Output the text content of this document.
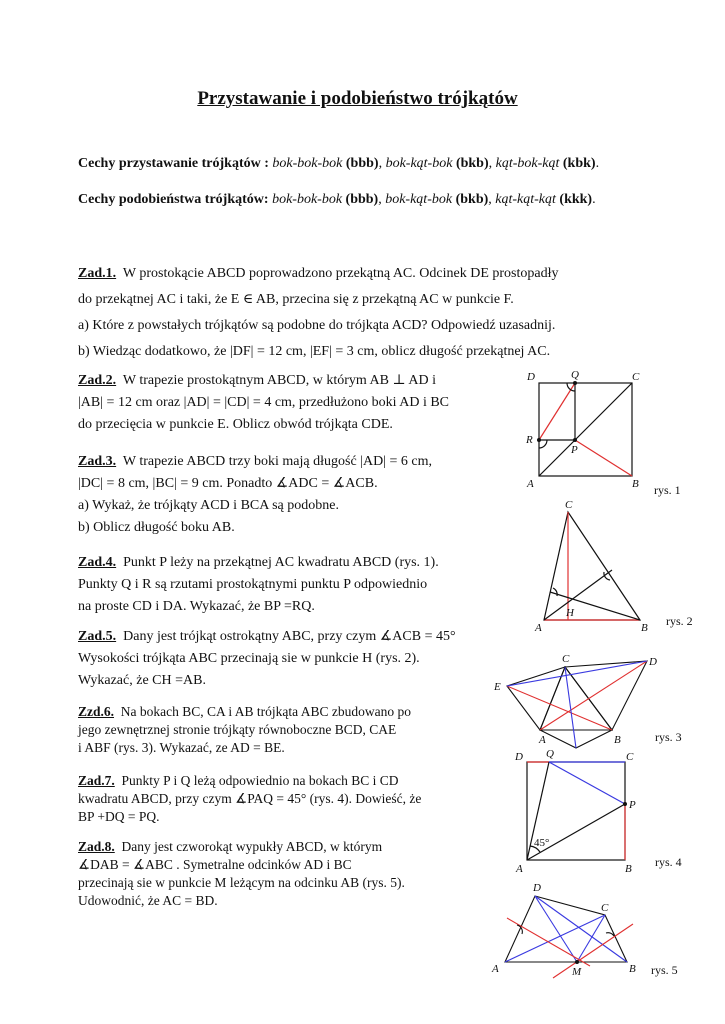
Przystawanie i podobieństwo trójkątów
Cechy przystawanie trójkątów : bok-bok-bok (bbb), bok-kąt-bok (bkb), kąt-bok-kąt (kbk).
Cechy podobieństwa trójkątów: bok-bok-bok (bbb), bok-kąt-bok (bkb), kąt-kąt-kąt (kkk).
Zad.1. W prostokącie ABCD poprowadzono przekątną AC. Odcinek DE prostopadły
do przekątnej AC i taki, że E ∈ AB, przecina się z przekątną AC w punkcie F.
a) Które z powstałych trójkątów są podobne do trójkąta ACD? Odpowiedź uzasadnij.
b) Wiedząc dodatkowo, że |DF| = 12 cm, |EF| = 3 cm, oblicz długość przekątnej AC.
Zad.2. W trapezie prostokątnym ABCD, w którym AB ⊥ AD i
|AB| = 12 cm oraz |AD| = |CD| = 4 cm, przedłużono boki AD i BC
do przecięcia w punkcie E. Oblicz obwód trójkąta CDE.
Zad.3. W trapezie ABCD trzy boki mają długość |AD| = 6 cm,
|DC| = 8 cm, |BC| = 9 cm. Ponadto ∡ADC = ∡ACB.
a) Wykaż, że trójkąty ACD i BCA są podobne.
b) Oblicz długość boku AB.
Zad.4. Punkt P leży na przekątnej AC kwadratu ABCD (rys. 1).
Punkty Q i R są rzutami prostokątnymi punktu P odpowiednio
na proste CD i DA. Wykazać, że BP =RQ.
Zad.5. Dany jest trójkąt ostrokątny ABC, przy czym ∡ACB = 45°
Wysokości trójkąta ABC przecinają sie w punkcie H (rys. 2).
Wykazać, że CH =AB.
Zzd.6. Na bokach BC, CA i AB trójkąta ABC zbudowano po
jego zewnętrznej stronie trójkąty równoboczne BCD, CAE
i ABF (rys. 3). Wykazać, ze AD = BE.
Zad.7. Punkty P i Q leżą odpowiednio na bokach BC i CD
kwadratu ABCD, przy czym ∡PAQ = 45° (rys. 4). Dowieść, że
BP +DQ = PQ.
Zad.8. Dany jest czworokąt wypukły ABCD, w którym
∡DAB = ∡ABC . Symetralne odcinków AD i BC
przecinają sie w punkcie M leżącym na odcinku AB (rys. 5).
Udowodnić, że AC = BD.
D	Q	C
R
P
A	B rys. 1
C
A
H
B rys. 2
C	D
E
A	B	rys. 3
D Q	C
P
A	B
45°
rys. 4
D
C
A	M	B rys. 5
